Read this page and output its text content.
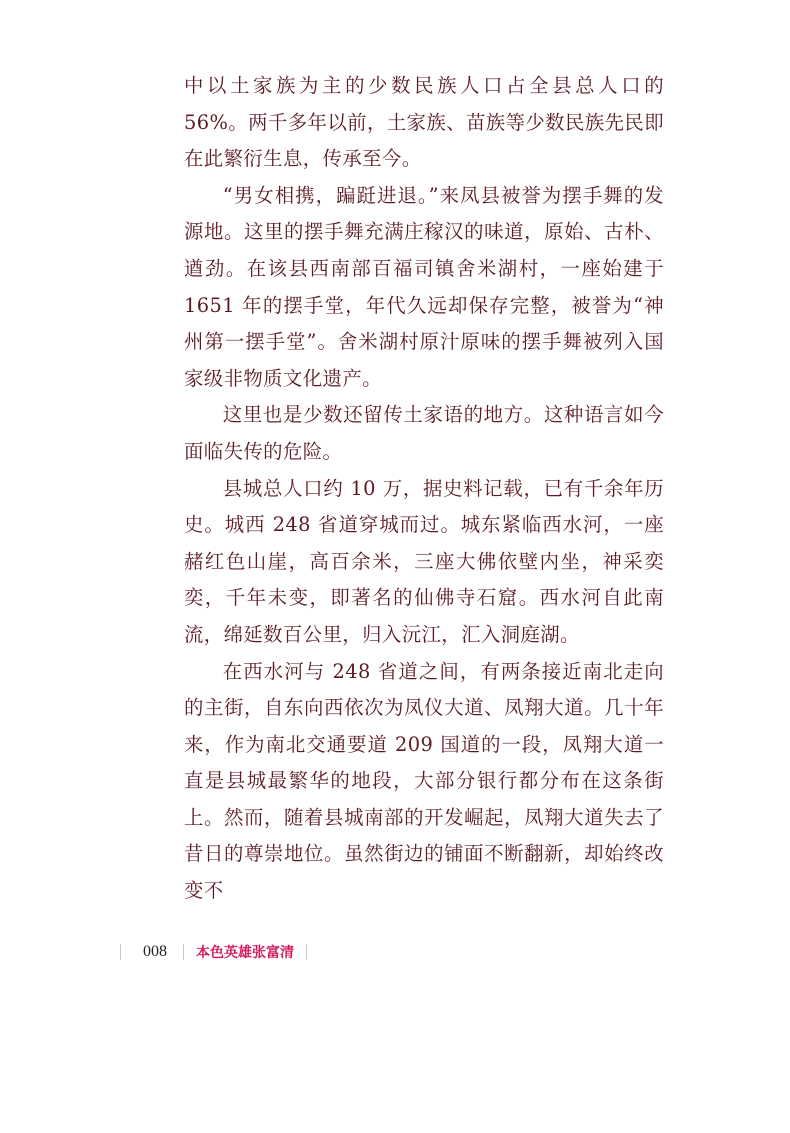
中以土家族为主的少数民族人口占全县总人口的 56%。两千多年以前，土家族、苗族等少数民族先民即在此繁衍生息，传承至今。

“男女相携，蹁跹进退。”来凤县被誉为摆手舞的发源地。这里的摆手舞充满庄稼汉的味道，原始、古朴、遒劲。在该县西南部百福司镇舍米湖村，一座始建于 1651 年的摆手堂，年代久远却保存完整，被誉为“神州第一摆手堂”。舍米湖村原汁原味的摆手舞被列入国家级非物质文化遗产。

这里也是少数还留传土家语的地方。这种语言如今面临失传的危险。

县城总人口约 10 万，据史料记载，已有千余年历史。城西 248 省道穿城而过。城东紧临西水河，一座赭红色山崖，高百余米，三座大佛依壁内坐，神采奕奕，千年未变，即著名的仙佛寺石窟。西水河自此南流，绵延数百公里，归入沅江，汇入洞庭湖。

在西水河与 248 省道之间，有两条接近南北走向的主街，自东向西依次为凤仪大道、凤翔大道。几十年来，作为南北交通要道 209 国道的一段，凤翔大道一直是县城最繁华的地段，大部分银行都分布在这条街上。然而，随着县城南部的开发崛起，凤翔大道失去了昔日的尊崇地位。虽然街边的铺面不断翻新，却始终改变不

008 本色英雄张富清
